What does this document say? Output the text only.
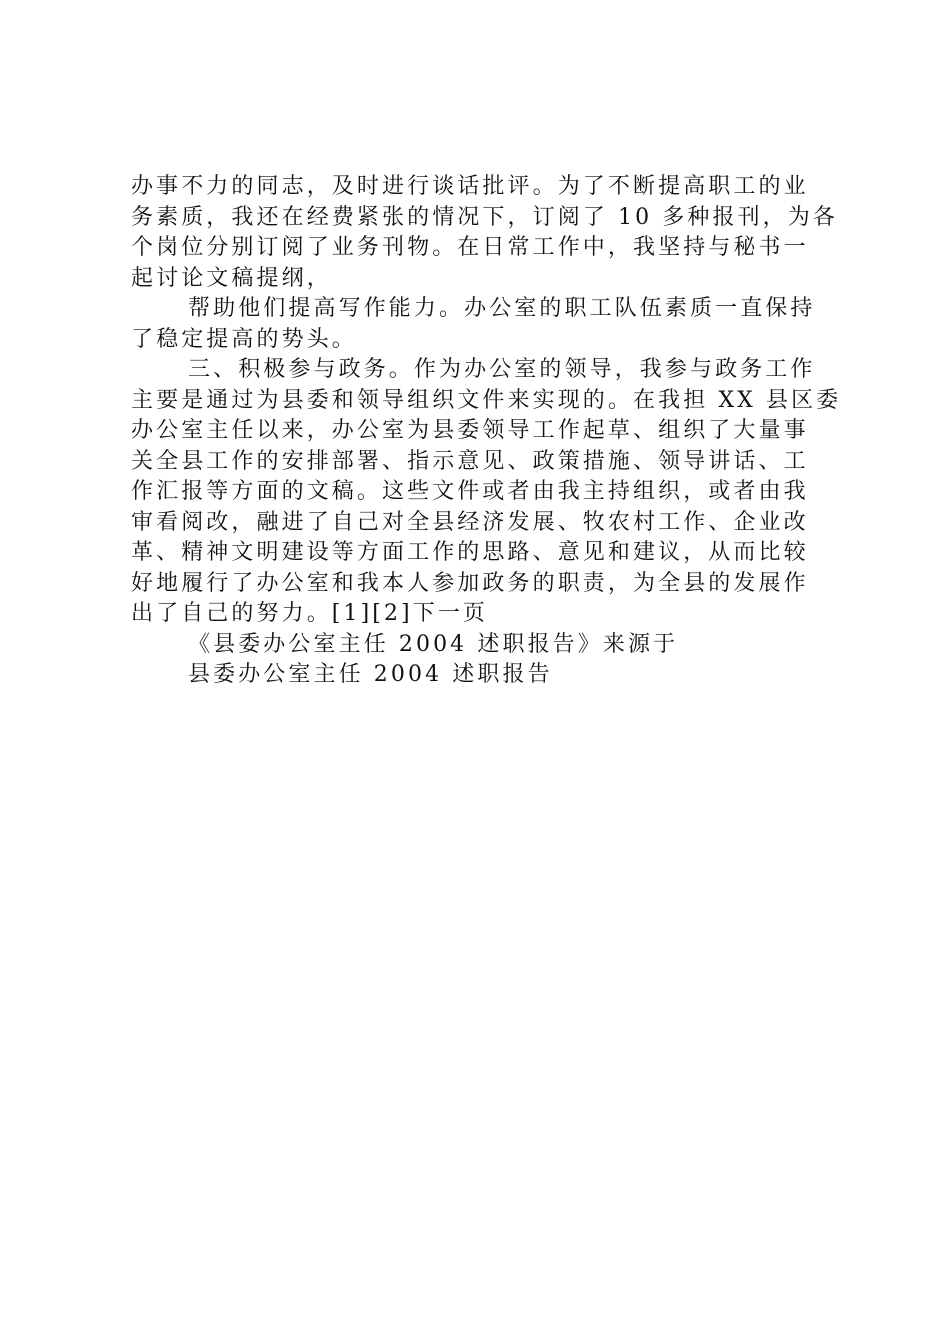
办事不力的同志，及时进行谈话批评。为了不断提高职工的业
务素质，我还在经费紧张的情况下，订阅了 10 多种报刊，为各
个岗位分别订阅了业务刊物。在日常工作中，我坚持与秘书一
起讨论文稿提纲，
帮助他们提高写作能力。办公室的职工队伍素质一直保持
了稳定提高的势头。
三、积极参与政务。作为办公室的领导，我参与政务工作
主要是通过为县委和领导组织文件来实现的。在我担 XX 县区委
办公室主任以来，办公室为县委领导工作起草、组织了大量事
关全县工作的安排部署、指示意见、政策措施、领导讲话、工
作汇报等方面的文稿。这些文件或者由我主持组织，或者由我
审看阅改，融进了自己对全县经济发展、牧农村工作、企业改
革、精神文明建设等方面工作的思路、意见和建议，从而比较
好地履行了办公室和我本人参加政务的职责，为全县的发展作
出了自己的努力。[1][2]下一页
《县委办公室主任 2004 述职报告》来源于
县委办公室主任 2004 述职报告
